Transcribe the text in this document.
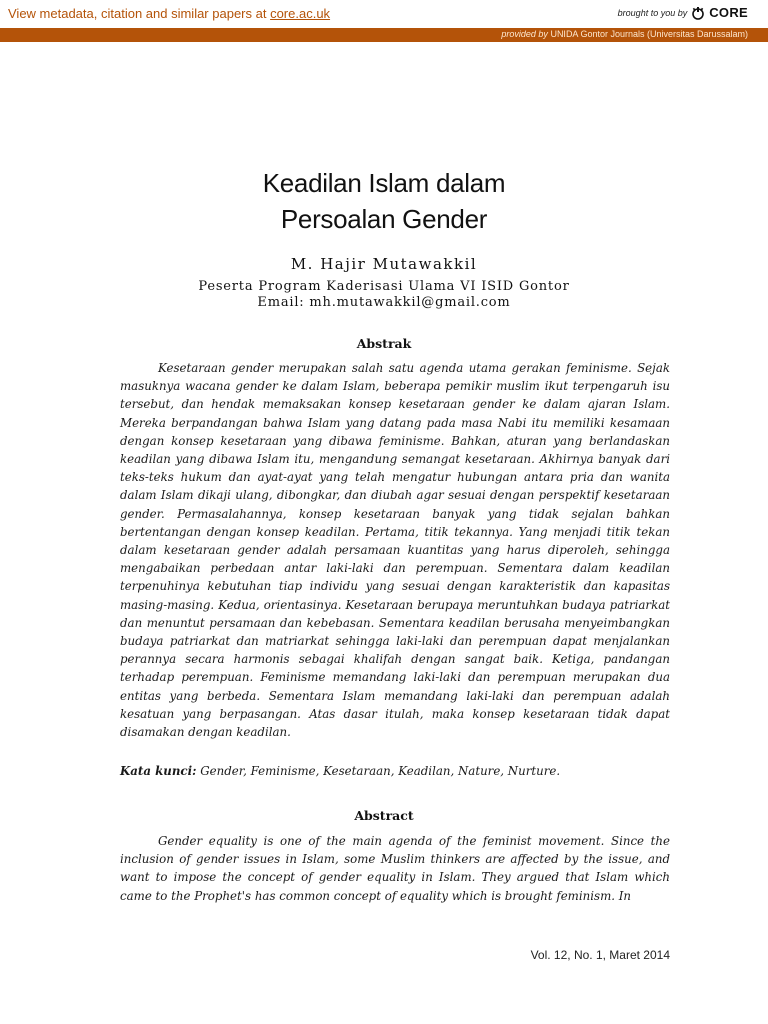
View metadata, citation and similar papers at core.ac.uk	brought to you by CORE
provided by UNIDA Gontor Journals (Universitas Darussalam)
Keadilan Islam dalam
Persoalan Gender
M. Hajir Mutawakkil
Peserta Program Kaderisasi Ulama VI ISID Gontor
Email: mh.mutawakkil@gmail.com
Abstrak

Kesetaraan gender merupakan salah satu agenda utama gerakan feminisme. Sejak masuknya wacana gender ke dalam Islam, beberapa pemikir muslim ikut terpengaruh isu tersebut, dan hendak memaksakan konsep kesetaraan gender ke dalam ajaran Islam. Mereka berpandangan bahwa Islam yang datang pada masa Nabi itu memiliki kesamaan dengan konsep kesetaraan yang dibawa feminisme. Bahkan, aturan yang berlandaskan keadilan yang dibawa Islam itu, mengandung semangat kesetaraan. Akhirnya banyak dari teks-teks hukum dan ayat-ayat yang telah mengatur hubungan antara pria dan wanita dalam Islam dikaji ulang, dibongkar, dan diubah agar sesuai dengan perspektif kesetaraan gender. Permasalahannya, konsep kesetaraan banyak yang tidak sejalan bahkan bertentangan dengan konsep keadilan. Pertama, titik tekannya. Yang menjadi titik tekan dalam kesetaraan gender adalah persamaan kuantitas yang harus diperoleh, sehingga mengabaikan perbedaan antar laki-laki dan perempuan. Sementara dalam keadilan terpenuhinya kebutuhan tiap individu yang sesuai dengan karakteristik dan kapasitas masing-masing. Kedua, orientasinya. Kesetaraan berupaya meruntuhkan budaya patriarkat dan menuntut persamaan dan kebebasan. Sementara keadilan berusaha menyeimbangkan budaya patriarkat dan matriarkat sehingga laki-laki dan perempuan dapat menjalankan perannya secara harmonis sebagai khalifah dengan sangat baik. Ketiga, pandangan terhadap perempuan. Feminisme memandang laki-laki dan perempuan merupakan dua entitas yang berbeda. Sementara Islam memandang laki-laki dan perempuan adalah kesatuan yang berpasangan. Atas dasar itulah, maka konsep kesetaraan tidak dapat disamakan dengan keadilan.

Kata kunci: Gender, Feminisme, Kesetaraan, Keadilan, Nature, Nurture.
Abstract

Gender equality is one of the main agenda of the feminist movement. Since the inclusion of gender issues in Islam, some Muslim thinkers are affected by the issue, and want to impose the concept of gender equality in Islam. They argued that Islam which came to the Prophet's has common concept of equality which is brought feminism. In

Vol. 12, No. 1, Maret 2014
